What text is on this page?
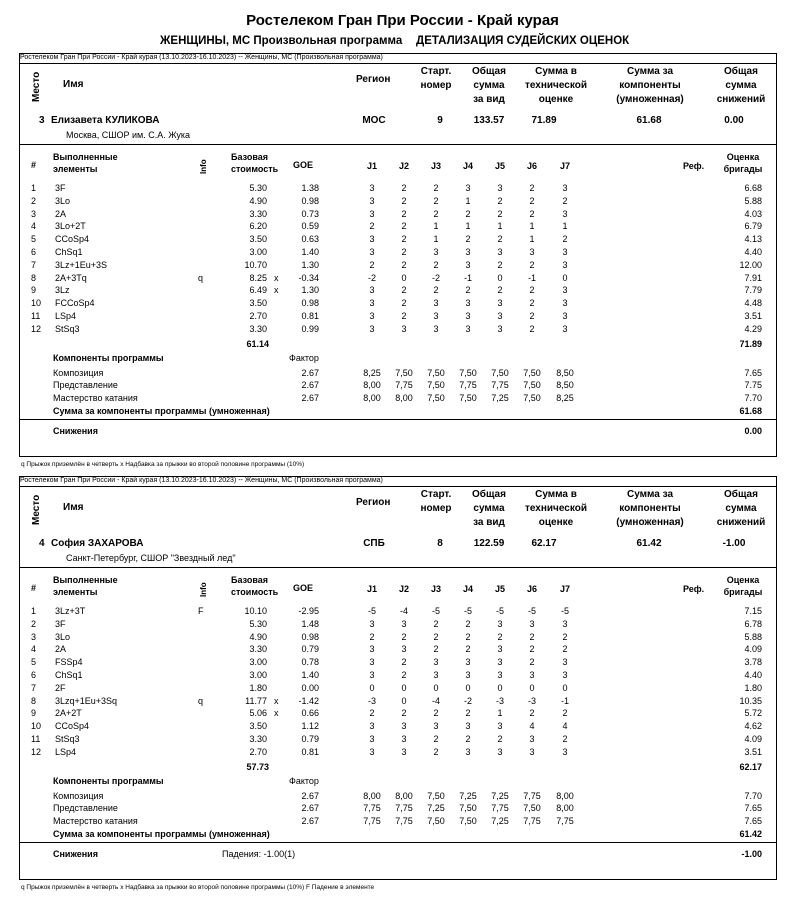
Ростелеком Гран При России - Край курая
ЖЕНЩИНЫ, МС Произвольная программа ДЕТАЛИЗАЦИЯ СУДЕЙСКИХ ОЦЕНОК
Ростелеком Гран При России - Край курая (13.10.2023-16.10.2023) -- Женщины, МС (Произвольная программа)
Место Имя	Регион
Старт.
номер
Общая
сумма
за вид
Сумма в
технической
оценке
Сумма за
компоненты
(умноженная)
Общая
сумма
снижений
3 Елизавета КУЛИКОВА
Москва, СШОР им. С.А. Жука
МОС	9	133.57	71.89	61.68	0.00
#
Выполненные
элементы	Info
Базовая
стоимость GOE	J1	J2	J3	J4	J5	J6	J7	Реф.
Оценка
бригады
1 3F	5.30	1.38	3	2	2	3	3	2	3	6.68
2 3Lo	4.90	0.98	3	2	2	1	2	2	2	5.88
3 2A	3.30	0.73	3	2	2	2	2	2	3	4.03
4 3Lo+2T	6.20	0.59	2	2	1	1	1	1	1	6.79
5 CCoSp4	3.50	0.63	3	2	1	2	2	1	2	4.13
6 ChSq1	3.00	1.40	3	2	3	3	3	3	3	4.40
7 3Lz+1Eu+3S	10.70	1.30	2	2	2	3	2	2	3	12.00
8 2A+3Tq	q	8.25 x	-0.34	-2	0	-2	-1	0	-1	0	7.91
9 3Lz	6.49 x	1.30	3	2	2	2	2	2	3	7.79
10 FCCoSp4	3.50	0.98	3	2	3	3	3	2	3	4.48
11 LSp4	2.70	0.81	3	2	3	3	3	2	3	3.51
12 StSq3	3.30	0.99	3	3	3	3	3	2	3	4.29
61.14	71.89
Компоненты программы	Фактор
Композиция	2.67	8,25	7,50	7,50	7,50	7,50	7,50	8,50	7.65
Представление	2.67	8,00	7,75	7,50	7,75	7,75	7,50	8,50	7.75
Мастерство катания	2.67	8,00	8,00	7,50	7,50	7,25	7,50	8,25	7.70
Сумма за компоненты программы (умноженная)	61.68
Снижения	0.00
q Прыжок приземлён в четверть x Надбавка за прыжки во второй половине программы (10%)
Ростелеком Гран При России - Край курая (13.10.2023-16.10.2023) -- Женщины, МС (Произвольная программа)
Место Имя	Регион
Старт.
номер
Общая
сумма
за вид
Сумма в
технической
оценке
Сумма за
компоненты
(умноженная)
Общая
сумма
снижений
4 София ЗАХАРОВА
Санкт-Петербург, СШОР "Звездный лед"
СПБ	8	122.59	62.17	61.42	-1.00
#
Выполненные
элементы	Info
Базовая
стоимость GOE	J1	J2	J3	J4	J5	J6	J7	Реф.
Оценка
бригады
1 3Lz+3T	F	10.10	-2.95	-5	-4	-5	-5	-5	-5	-5	7.15
2 3F	5.30	1.48	3	3	2	2	3	3	3	6.78
3 3Lo	4.90	0.98	2	2	2	2	2	2	2	5.88
4 2A	3.30	0.79	3	3	2	2	3	2	2	4.09
5 FSSp4	3.00	0.78	3	2	3	3	3	2	3	3.78
6 ChSq1	3.00	1.40	3	2	3	3	3	3	3	4.40
7 2F	1.80	0.00	0	0	0	0	0	0	0	1.80
8 3Lzq+1Eu+3Sq	q	11.77 x	-1.42	-3	0	-4	-2	-3	-3	-1	10.35
9 2A+2T	5.06 x	0.66	2	2	2	2	1	2	2	5.72
10 CCoSp4	3.50	1.12	3	3	3	3	3	4	4	4.62
11 StSq3	3.30	0.79	3	3	2	2	2	3	2	4.09
12 LSp4	2.70	0.81	3	3	2	3	3	3	3	3.51
57.73	62.17
Компоненты программы	Фактор
Композиция	2.67	8,00	8,00	7,50	7,25	7,25	7,75	8,00	7.70
Представление	2.67	7,75	7,75	7,25	7,50	7,75	7,50	8,00	7.65
Мастерство катания	2.67	7,75	7,75	7,50	7,50	7,25	7,75	7,75	7.65
Сумма за компоненты программы (умноженная)	61.42
Снижения	Падения: -1.00(1)	-1.00
q Прыжок приземлён в четверть x Надбавка за прыжки во второй половине программы (10%) F Падение в элементе
